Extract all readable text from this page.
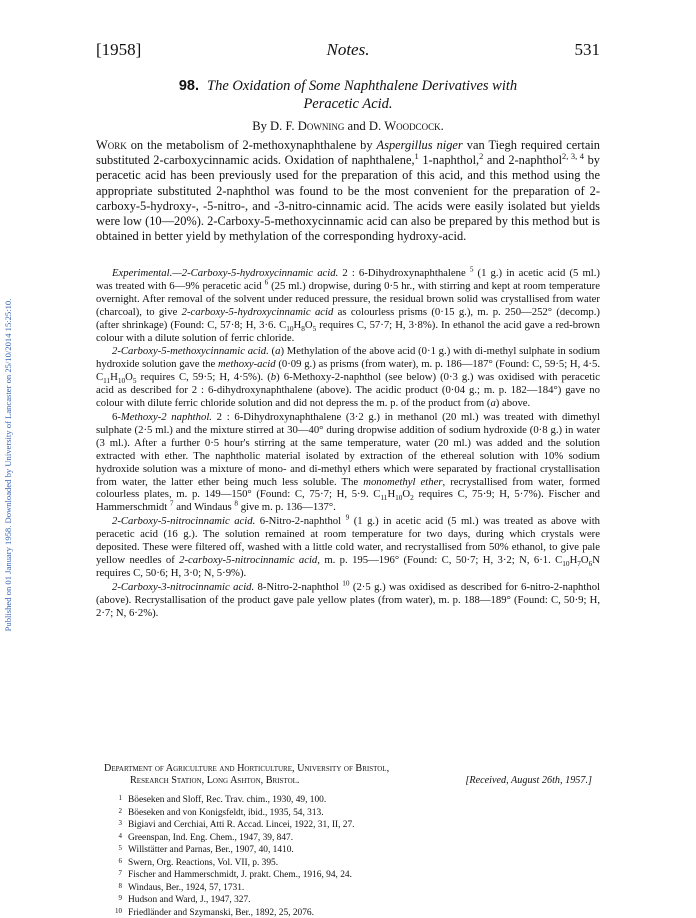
Published on 01 January 1958. Downloaded by University of Lancaster on 25/10/2014 15:25:10.
[1958]	Notes.	531
98. The Oxidation of Some Naphthalene Derivatives with
Peracetic Acid.
By D. F. Downing and D. Woodcock.

Work on the metabolism of 2-methoxynaphthalene by Aspergillus niger van Tiegh required certain substituted 2-carboxycinnamic acids. Oxidation of naphthalene,$^1$ 1-naphthol,$^2$ and 2-naphthol$^{2, 3, 4}$ by peracetic acid has been previously used for the preparation of this acid, and this method using the appropriate substituted 2-naphthol was found to be the most convenient for the preparation of 2-carboxy-5-hydroxy-, -5-nitro-, and -3-nitro-cinnamic acid. The acids were easily isolated but yields were low (10—20%). 2-Carboxy-5-methoxycinnamic acid can also be prepared by this method but is obtained in better yield by methylation of the corresponding hydroxy-acid.

Experimental.—2-Carboxy-5-hydroxycinnamic acid. 2 : 6-Dihydroxynaphthalene $^5$ (1 g.) in acetic acid (5 ml.) was treated with 6—9% peracetic acid $^6$ (25 ml.) dropwise, during 0·5 hr., with stirring and kept at room temperature overnight. After removal of the solvent under reduced pressure, the residual brown solid was crystallised from water (charcoal), to give 2-carboxy-5-hydroxycinnamic acid as colourless prisms (0·15 g.), m. p. 250—252° (decomp.) (after shrinkage) (Found: C, 57·8; H, 3·6. $C_{10}H_8O_5$ requires C, 57·7; H, 3·8%). In ethanol the acid gave a red-brown colour with a dilute solution of ferric chloride.

2-Carboxy-5-methoxycinnamic acid. (a) Methylation of the above acid (0·1 g.) with di-methyl sulphate in sodium hydroxide solution gave the methoxy-acid (0·09 g.) as prisms (from water), m. p. 186—187° (Found: C, 59·5; H, 4·5. $C_{11}H_{10}O_5$ requires C, 59·5; H, 4·5%). (b) 6-Methoxy-2-naphthol (see below) (0·3 g.) was oxidised with peracetic acid as described for 2 : 6-dihydroxynaphthalene (above). The acidic product (0·04 g.; m. p. 182—184°) gave no colour with dilute ferric chloride solution and did not depress the m. p. of the product from (a) above.

6-Methoxy-2 naphthol. 2 : 6-Dihydroxynaphthalene (3·2 g.) in methanol (20 ml.) was treated with dimethyl sulphate (2·5 ml.) and the mixture stirred at 30—40° during dropwise addition of sodium hydroxide (0·8 g.) in water (3 ml.). After a further 0·5 hour's stirring at the same temperature, water (20 ml.) was added and the solution extracted with ether. The naphtholic material isolated by extraction of the ethereal solution with 10% sodium hydroxide solution was a mixture of mono- and di-methyl ethers which were separated by fractional crystallisation from water, the latter ether being much less soluble. The monomethyl ether, recrystallised from water, formed colourless plates, m. p. 149—150° (Found: C, 75·7; H, 5·9. $C_{11}H_{10}O_2$ requires C, 75·9; H, 5·7%). Fischer and Hammerschmidt $^7$ and Windaus $^8$ give m. p. 136—137°.

2-Carboxy-5-nitrocinnamic acid. 6-Nitro-2-naphthol $^9$ (1 g.) in acetic acid (5 ml.) was treated as above with peracetic acid (16 g.). The solution remained at room temperature for two days, during which crystals were deposited. These were filtered off, washed with a little cold water, and recrystallised from 50% ethanol, to give pale yellow needles of 2-carboxy-5-nitrocinnamic acid, m. p. 195—196° (Found: C, 50·7; H, 3·2; N, 6·1. $C_{10}H_7O_6N$ requires C, 50·6; H, 3·0; N, 5·9%).

2-Carboxy-3-nitrocinnamic acid. 8-Nitro-2-naphthol $^{10}$ (2·5 g.) was oxidised as described for 6-nitro-2-naphthol (above). Recrystallisation of the product gave pale yellow plates (from water), m. p. 188—189° (Found: C, 50·9; H, 2·7; N, 6·2%).

Department of Agriculture and Horticulture, University of Bristol,
Research Station, Long Ashton, Bristol.	[Received, August 26th, 1957.]
1 Böeseken and Sloff, Rec. Trav. chim., 1930, 49, 100.
2 Böeseken and von Konigsfeldt, ibid., 1935, 54, 313.
3 Bigiavi and Cerchiai, Atti R. Accad. Lincei, 1922, 31, II, 27.
4 Greenspan, Ind. Eng. Chem., 1947, 39, 847.
5 Willstätter and Parnas, Ber., 1907, 40, 1410.
6 Swern, Org. Reactions, Vol. VII, p. 395.
7 Fischer and Hammerschmidt, J. prakt. Chem., 1916, 94, 24.
8 Windaus, Ber., 1924, 57, 1731.
9 Hudson and Ward, J., 1947, 327.
10 Friedländer and Szymanski, Ber., 1892, 25, 2076.
